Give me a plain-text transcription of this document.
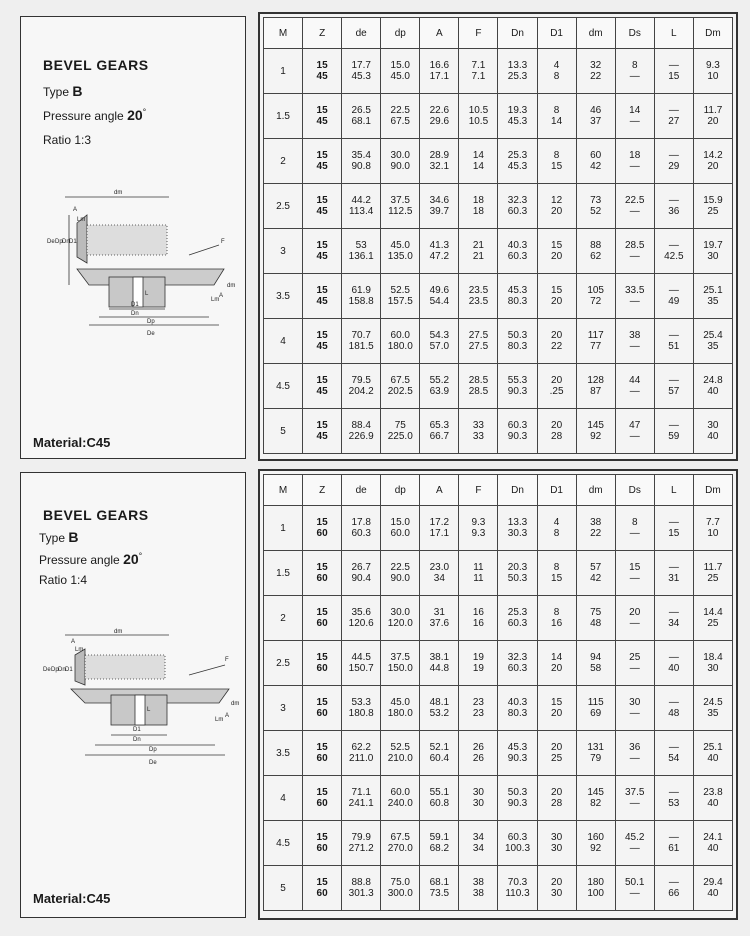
BEVEL GEARS
Type B
Pressure angle 20°
Ratio 1:3
dm
A
Lm
De Dp Dn D1	F
L
dm
A
Lm
D1
Dn
Dp
De
Material:C45
M	Z	de	dp	A	F	Dn	D1	dm	Ds	L	Dm
1	15	17.7	15.0	16.6	7.1	13.3	4	32	8	—	9.3
	45	45.3	45.0	17.1	7.1	25.3	8	22	—	15	10
1.5	15	26.5	22.5	22.6	10.5	19.3	8	46	14	—	11.7
	45	68.1	67.5	29.6	10.5	45.3	14	37	—	27	20
2	15	35.4	30.0	28.9	14	25.3	8	60	18	—	14.2
	45	90.8	90.0	32.1	14	45.3	15	42	—	29	20
2.5	15	44.2	37.5	34.6	18	32.3	12	73	22.5	—	15.9
	45	113.4	112.5	39.7	18	60.3	20	52	—	36	25
3	15	53	45.0	41.3	21	40.3	15	88	28.5	—	19.7
	45	136.1	135.0	47.2	21	60.3	20	62	—	42.5	30
3.5	15	61.9	52.5	49.6	23.5	45.3	15	105	33.5	—	25.1
	45	158.8	157.5	54.4	23.5	80.3	20	72	—	49	35
4	15	70.7	60.0	54.3	27.5	50.3	20	117	38	—	25.4
	45	181.5	180.0	57.0	27.5	80.3	22	77	—	51	35
4.5	15	79.5	67.5	55.2	28.5	55.3	20	128	44	—	24.8
	45	204.2	202.5	63.9	28.5	90.3	.25	87	—	57	40
5	15	88.4	75	65.3	33	60.3	20	145	47	—	30
	45	226.9	225.0	66.7	33	90.3	28	92	—	59	40
BEVEL GEARS
Type B
Pressure angle 20°
Ratio 1:4
dm
A
Lm
De Dp Dn D1
F
L
dm
A
Lm
D1
Dn
Dp
De
Material:C45
M	Z	de	dp	A	F	Dn	D1	dm	Ds	L	Dm
1	15	17.8	15.0	17.2	9.3	13.3	4	38	8	—	7.7
	60	60.3	60.0	17.1	9.3	30.3	8	22	—	15	10
1.5	15	26.7	22.5	23.0	11	20.3	8	57	15	—	11.7
	60	90.4	90.0	34	11	50.3	15	42	—	31	25
2	15	35.6	30.0	31	16	25.3	8	75	20	—	14.4
	60	120.6	120.0	37.6	16	60.3	16	48	—	34	25
2.5	15	44.5	37.5	38.1	19	32.3	14	94	25	—	18.4
	60	150.7	150.0	44.8	19	60.3	20	58	—	40	30
3	15	53.3	45.0	48.1	23	40.3	15	115	30	—	24.5
	60	180.8	180.0	53.2	23	80.3	20	69	—	48	35
3.5	15	62.2	52.5	52.1	26	45.3	20	131	36	—	25.1
	60	211.0	210.0	60.4	26	90.3	25	79	—	54	40
4	15	71.1	60.0	55.1	30	50.3	20	145	37.5	—	23.8
	60	241.1	240.0	60.8	30	90.3	28	82	—	53	40
4.5	15	79.9	67.5	59.1	34	60.3	30	160	45.2	—	24.1
	60	271.2	270.0	68.2	34	100.3	30	92	—	61	40
5	15	88.8	75.0	68.1	38	70.3	20	180	50.1	—	29.4
	60	301.3	300.0	73.5	38	110.3	30	100	—	66	40
